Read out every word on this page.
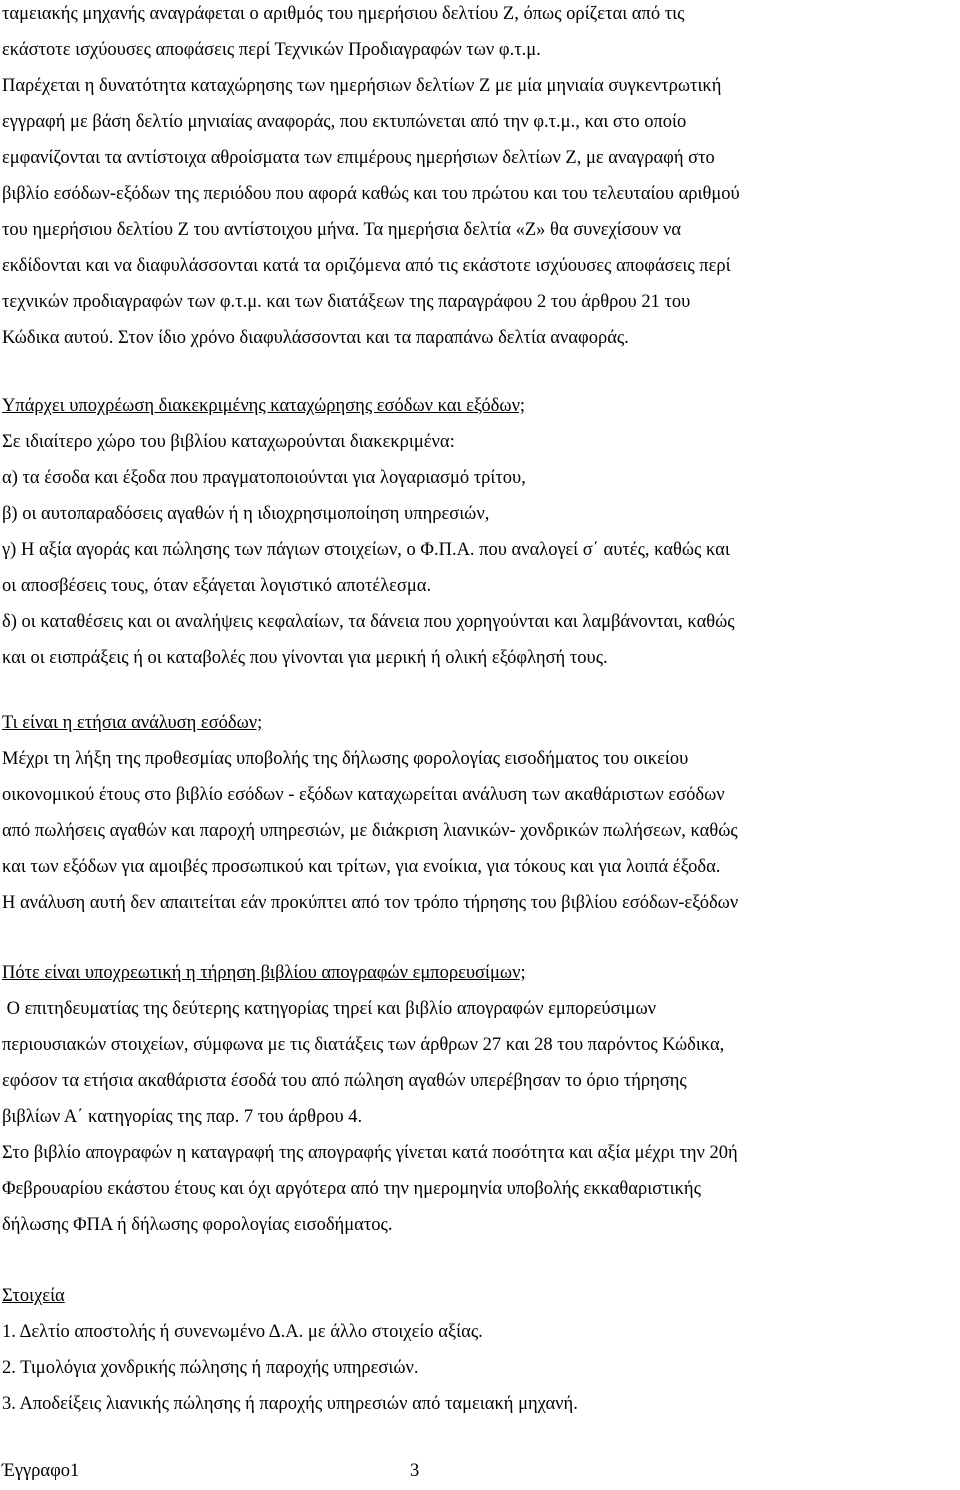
ταμειακής μηχανής αναγράφεται ο αριθμός του ημερήσιου δελτίου Ζ, όπως ορίζεται από τις

εκάστοτε ισχύουσες αποφάσεις περί Τεχνικών Προδιαγραφών των φ.τ.μ.

Παρέχεται η δυνατότητα καταχώρησης των ημερήσιων δελτίων Ζ με μία μηνιαία συγκεντρωτική

εγγραφή με βάση δελτίο μηνιαίας αναφοράς, που εκτυπώνεται από την φ.τ.μ., και στο οποίο

εμφανίζονται τα αντίστοιχα αθροίσματα των επιμέρους ημερήσιων δελτίων Ζ, με αναγραφή στο

βιβλίο εσόδων-εξόδων της περιόδου που αφορά καθώς και του πρώτου και του τελευταίου αριθμού

του ημερήσιου δελτίου Ζ του αντίστοιχου μήνα. Τα ημερήσια δελτία «Ζ» θα συνεχίσουν να

εκδίδονται και να διαφυλάσσονται κατά τα οριζόμενα από τις εκάστοτε ισχύουσες αποφάσεις περί

τεχνικών προδιαγραφών των φ.τ.μ. και των διατάξεων της παραγράφου 2 του άρθρου 21 του

Κώδικα αυτού. Στον ίδιο χρόνο διαφυλάσσονται και τα παραπάνω δελτία αναφοράς.

Υπάρχει υποχρέωση διακεκριμένης καταχώρησης εσόδων και εξόδων;

Σε ιδιαίτερο χώρο του βιβλίου καταχωρούνται διακεκριμένα:

α) τα έσοδα και έξοδα που πραγματοποιούνται για λογαριασμό τρίτου,

β) οι αυτοπαραδόσεις αγαθών ή η ιδιοχρησιμοποίηση υπηρεσιών,

γ) Η αξία αγοράς και πώλησης των πάγιων στοιχείων, ο Φ.Π.Α. που αναλογεί σ΄ αυτές, καθώς και

οι αποσβέσεις τους, όταν εξάγεται λογιστικό αποτέλεσμα.

δ) οι καταθέσεις και οι αναλήψεις κεφαλαίων, τα δάνεια που χορηγούνται και λαμβάνονται, καθώς

και οι εισπράξεις ή οι καταβολές που γίνονται για μερική ή ολική εξόφλησή τους.

Τι είναι η ετήσια ανάλυση εσόδων;

Μέχρι τη λήξη της προθεσμίας υποβολής της δήλωσης φορολογίας εισοδήματος του οικείου

οικονομικού έτους στο βιβλίο εσόδων - εξόδων καταχωρείται ανάλυση των ακαθάριστων εσόδων

από πωλήσεις αγαθών και παροχή υπηρεσιών, με διάκριση λιανικών- χονδρικών πωλήσεων, καθώς

και των εξόδων για αμοιβές προσωπικού και τρίτων, για ενοίκια, για τόκους και για λοιπά έξοδα.

Η ανάλυση αυτή δεν απαιτείται εάν προκύπτει από τον τρόπο τήρησης του βιβλίου εσόδων-εξόδων

Πότε είναι υποχρεωτική η τήρηση βιβλίου απογραφών εμπορευσίμων;

Ο επιτηδευματίας της δεύτερης κατηγορίας τηρεί και βιβλίο απογραφών εμπορεύσιμων

περιουσιακών στοιχείων, σύμφωνα με τις διατάξεις των άρθρων 27 και 28 του παρόντος Κώδικα,

εφόσον τα ετήσια ακαθάριστα έσοδά του από πώληση αγαθών υπερέβησαν το όριο τήρησης

βιβλίων Α΄ κατηγορίας της παρ. 7 του άρθρου 4.

Στο βιβλίο απογραφών η καταγραφή της απογραφής γίνεται κατά ποσότητα και αξία μέχρι την 20ή

Φεβρουαρίου εκάστου έτους και όχι αργότερα από την ημερομηνία υποβολής εκκαθαριστικής

δήλωσης ΦΠΑ ή δήλωσης φορολογίας εισοδήματος.

Στοιχεία

1. Δελτίο αποστολής ή συνενωμένο Δ.Α. με άλλο στοιχείο αξίας.

2. Τιμολόγια χονδρικής πώλησης ή παροχής υπηρεσιών.

3. Αποδείξεις λιανικής πώλησης ή παροχής υπηρεσιών από ταμειακή μηχανή.

Έγγραφο1	3
